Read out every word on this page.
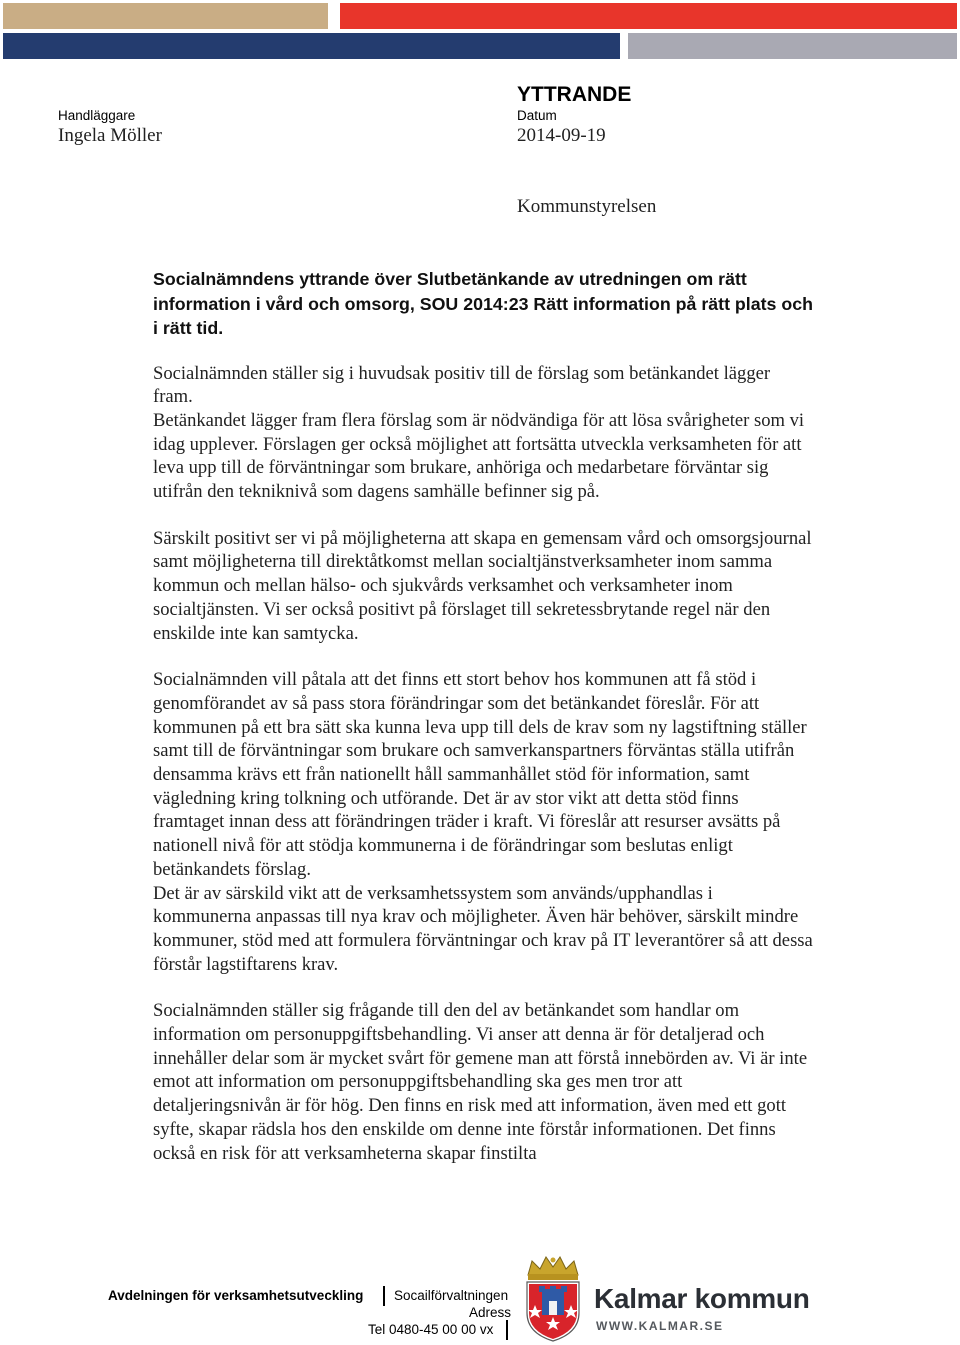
YTTRANDE
Handläggare
Ingela Möller
Datum
2014-09-19
Kommunstyrelsen
Socialnämndens yttrande över Slutbetänkande av utredningen om rätt information i vård och omsorg, SOU 2014:23 Rätt information på rätt plats och i rätt tid.

Socialnämnden ställer sig i huvudsak positiv till de förslag som betänkandet lägger fram.

Betänkandet lägger fram flera förslag som är nödvändiga för att lösa svårigheter som vi idag upplever. Förslagen ger också möjlighet att fortsätta utveckla verksamheten för att leva upp till de förväntningar som brukare, anhöriga och medarbetare förväntar sig utifrån den tekniknivå som dagens samhälle befinner sig på.

Särskilt positivt ser vi på möjligheterna att skapa en gemensam vård och omsorgsjournal samt möjligheterna till direktåtkomst mellan socialtjänstverksamheter inom samma kommun och mellan hälso- och sjukvårds verksamhet och verksamheter inom socialtjänsten. Vi ser också positivt på förslaget till sekretessbrytande regel när den enskilde inte kan samtycka.

Socialnämnden vill påtala att det finns ett stort behov hos kommunen att få stöd i genomförandet av så pass stora förändringar som det betänkandet föreslår. För att kommunen på ett bra sätt ska kunna leva upp till dels de krav som ny lagstiftning ställer samt till de förväntningar som brukare och samverkanspartners förväntas ställa utifrån densamma krävs ett från nationellt håll sammanhållet stöd för information, samt vägledning kring tolkning och utförande. Det är av stor vikt att detta stöd finns framtaget innan dess att förändringen träder i kraft. Vi föreslår att resurser avsätts på nationell nivå för att stödja kommunerna i de förändringar som beslutas enligt betänkandets förslag.

Det är av särskild vikt att de verksamhetssystem som används/upphandlas i kommunerna anpassas till nya krav och möjligheter. Även här behöver, särskilt mindre kommuner, stöd med att formulera förväntningar och krav på IT leverantörer så att dessa förstår lagstiftarens krav.

Socialnämnden ställer sig frågande till den del av betänkandet som handlar om information om personuppgiftsbehandling. Vi anser att denna är för detaljerad och innehåller delar som är mycket svårt för gemene man att förstå innebörden av. Vi är inte emot att information om personuppgiftsbehandling ska ges men tror att detaljeringsnivån är för hög. Den finns en risk med att information, även med ett gott syfte, skapar rädsla hos den enskilde om denne inte förstår informationen. Det finns också en risk för att verksamheterna skapar finstilta

Avdelningen för verksamhetsutveckling Socailförvaltningen
Adress
Tel 0480-45 00 00 vx
Kalmar kommun
WWW.KALMAR.SE
